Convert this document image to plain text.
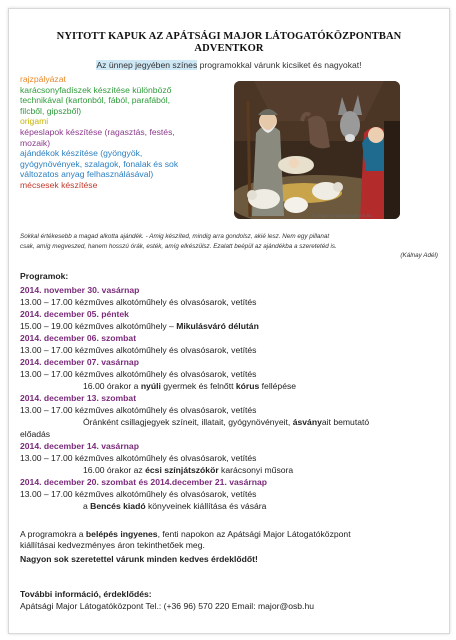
NYITOTT KAPUK AZ APÁTSÁGI MAJOR LÁTOGATÓKÖZPONTBAN
ADVENTKOR
Az ünnep jegyében színes programokkal várunk kicsiket és nagyokat!
rajzpályázat
karácsonyfadíszek készítése különböző
technikával (kartonból, fából, parafából,
filcből, gipszből)
origami
képeslapok készítése (ragasztás, festés,
mozaik)
ajándékok készítése (gyöngyök,
gyógynövények, szalagok, fonalak és sok
változatos anyag felhasználásával)
mécsesek készítése
© Angel-ice www.angel-ice.hu
Sokkal értékesebb a magad alkotta ajándék. - Amig készíted, mindig arra gondolsz, akié lesz. Nem egy pillanat
csak, amíg megveszed, hanem hosszú órák, esték, amíg elkészülsz. Ezalatt beépül az ajándékba a szeretetéd is.
(Kálnay Adél)
Programok:
2014. november 30. vasárnap
13.00 – 17.00 kézműves alkotóműhely és olvasósarok, vetítés
2014. december 05. péntek
15.00 – 19.00 kézműves alkotóműhely – Mikulásváró délután
2014. december 06. szombat
13.00 – 17.00 kézműves alkotóműhely és olvasósarok, vetítés
2014. december 07. vasárnap
13.00 – 17.00 kézműves alkotóműhely és olvasósarok, vetítés
16.00 órakor a nyúli gyermek és felnőtt kórus fellépése
2014. december 13. szombat
13.00 – 17.00 kézműves alkotóműhely és olvasósarok, vetítés
Óránként csillagjegyek színeit, illatait, gyógynövényeit, ásványait bemutató
előadás
2014. december 14. vasárnap
13.00 – 17.00 kézműves alkotóműhely és olvasósarok, vetítés
16.00 órakor az écsi színjátszókör karácsonyi műsora
2014. december 20. szombat és 2014.december 21. vasárnap
13.00 – 17.00 kézműves alkotóműhely és olvasósarok, vetítés
a Bencés kiadó könyveinek kiállítása és vására
A programokra a belépés ingyenes, fenti napokon az Apátsági Major Látogatóközpont
kiállításai kedvezményes áron tekinthetőek meg.
Nagyon sok szeretettel várunk minden kedves érdeklődőt!
További információ, érdeklődés:
Apátsági Major Látogatóközpont Tel.: (+36 96) 570 220 Email: major@osb.hu
